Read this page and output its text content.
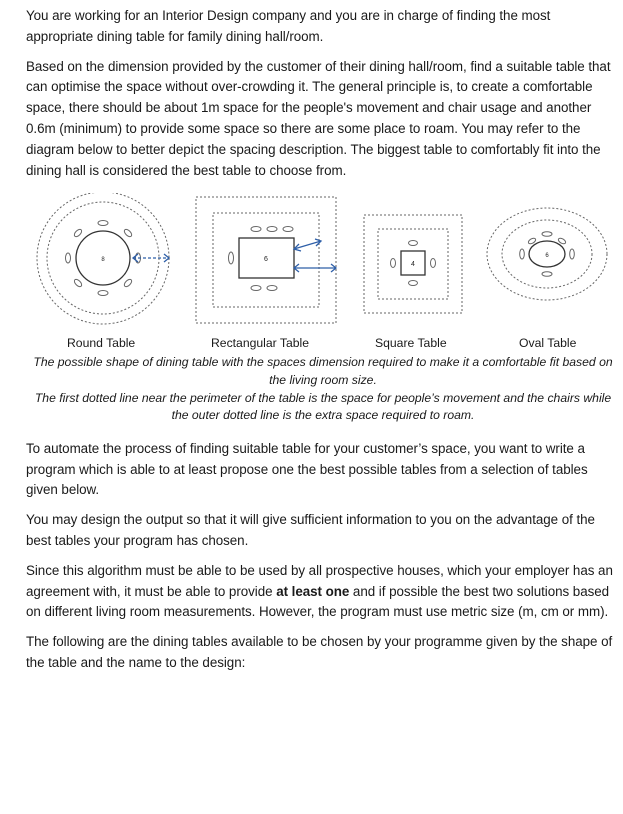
You are working for an Interior Design company and you are in charge of finding the most appropriate dining table for family dining hall/room.

Based on the dimension provided by the customer of their dining hall/room, find a suitable table that can optimise the space without over-crowding it. The general principle is, to create a comfortable space, there should be about 1m space for the people's movement and chair usage and another 0.6m (minimum) to provide some space so there are some place to roam. You may refer to the diagram below to better depict the spacing description. The biggest table to comfortably fit into the dining hall is considered the best table to choose from.

8	6
4
6
Round Table	Rectangular Table	Square Table	Oval Table

The possible shape of dining table with the spaces dimension required to make it a comfortable fit based on the living room size.

The first dotted line near the perimeter of the table is the space for people’s movement and the chairs while the outer dotted line is the extra space required to roam.

To automate the process of finding suitable table for your customer’s space, you want to write a program which is able to at least propose one the best possible tables from a selection of tables given below.

You may design the output so that it will give sufficient information to you on the advantage of the best tables your program has chosen.

Since this algorithm must be able to be used by all prospective houses, which your employer has an agreement with, it must be able to provide at least one and if possible the best two solutions based on different living room measurements. However, the program must use metric size (m, cm or mm).

The following are the dining tables available to be chosen by your programme given by the shape of the table and the name to the design:
